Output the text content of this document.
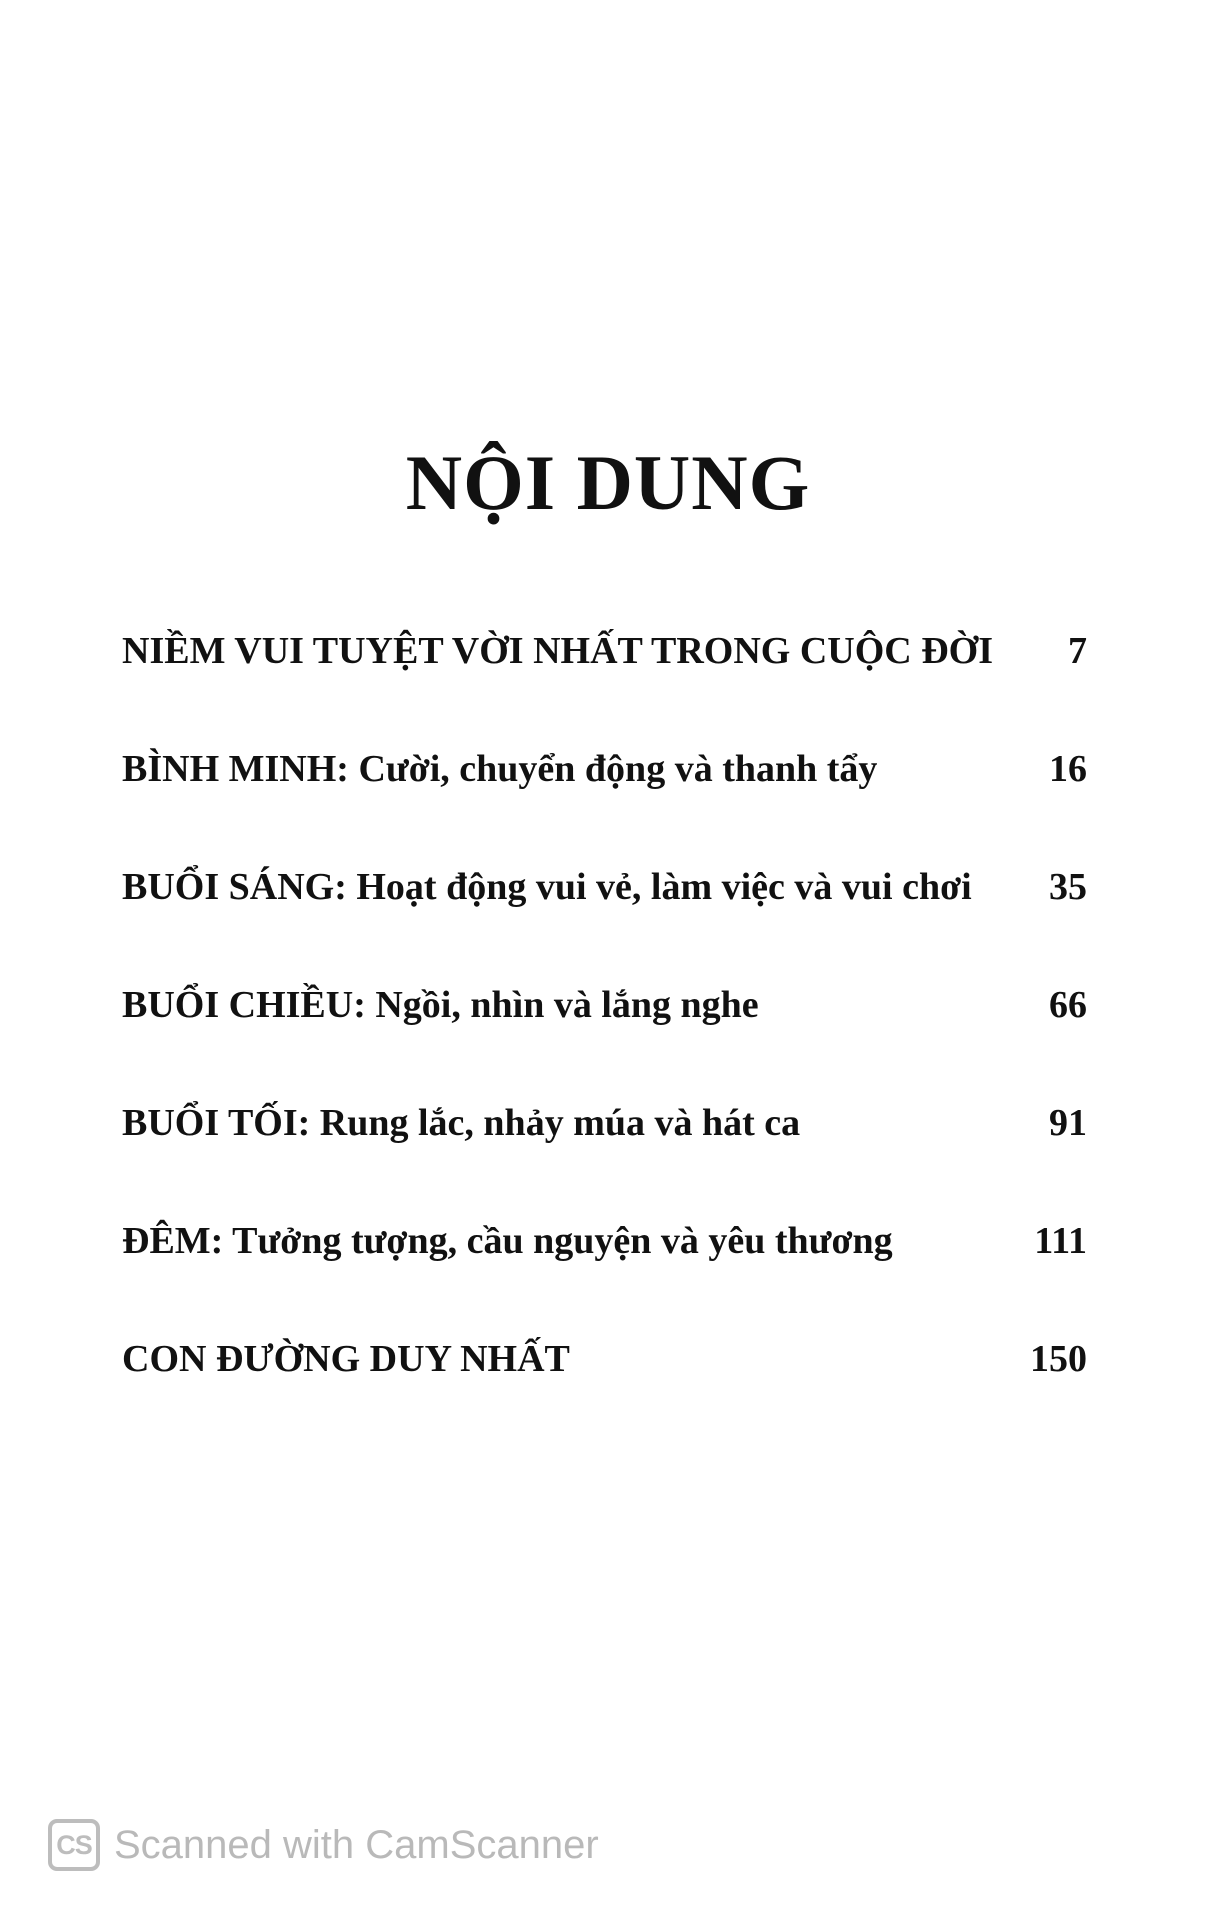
NỘI DUNG
NIỀM VUI TUYỆT VỜI NHẤT TRONG CUỘC ĐỜI	7
BÌNH MINH: Cười, chuyển động và thanh tẩy	16
BUỔI SÁNG: Hoạt động vui vẻ, làm việc và vui chơi	35
BUỔI CHIỀU: Ngồi, nhìn và lắng nghe	66
BUỔI TỐI: Rung lắc, nhảy múa và hát ca	91
ĐÊM: Tưởng tượng, cầu nguyện và yêu thương	111
CON ĐƯỜNG DUY NHẤT	150
CS Scanned with CamScanner
